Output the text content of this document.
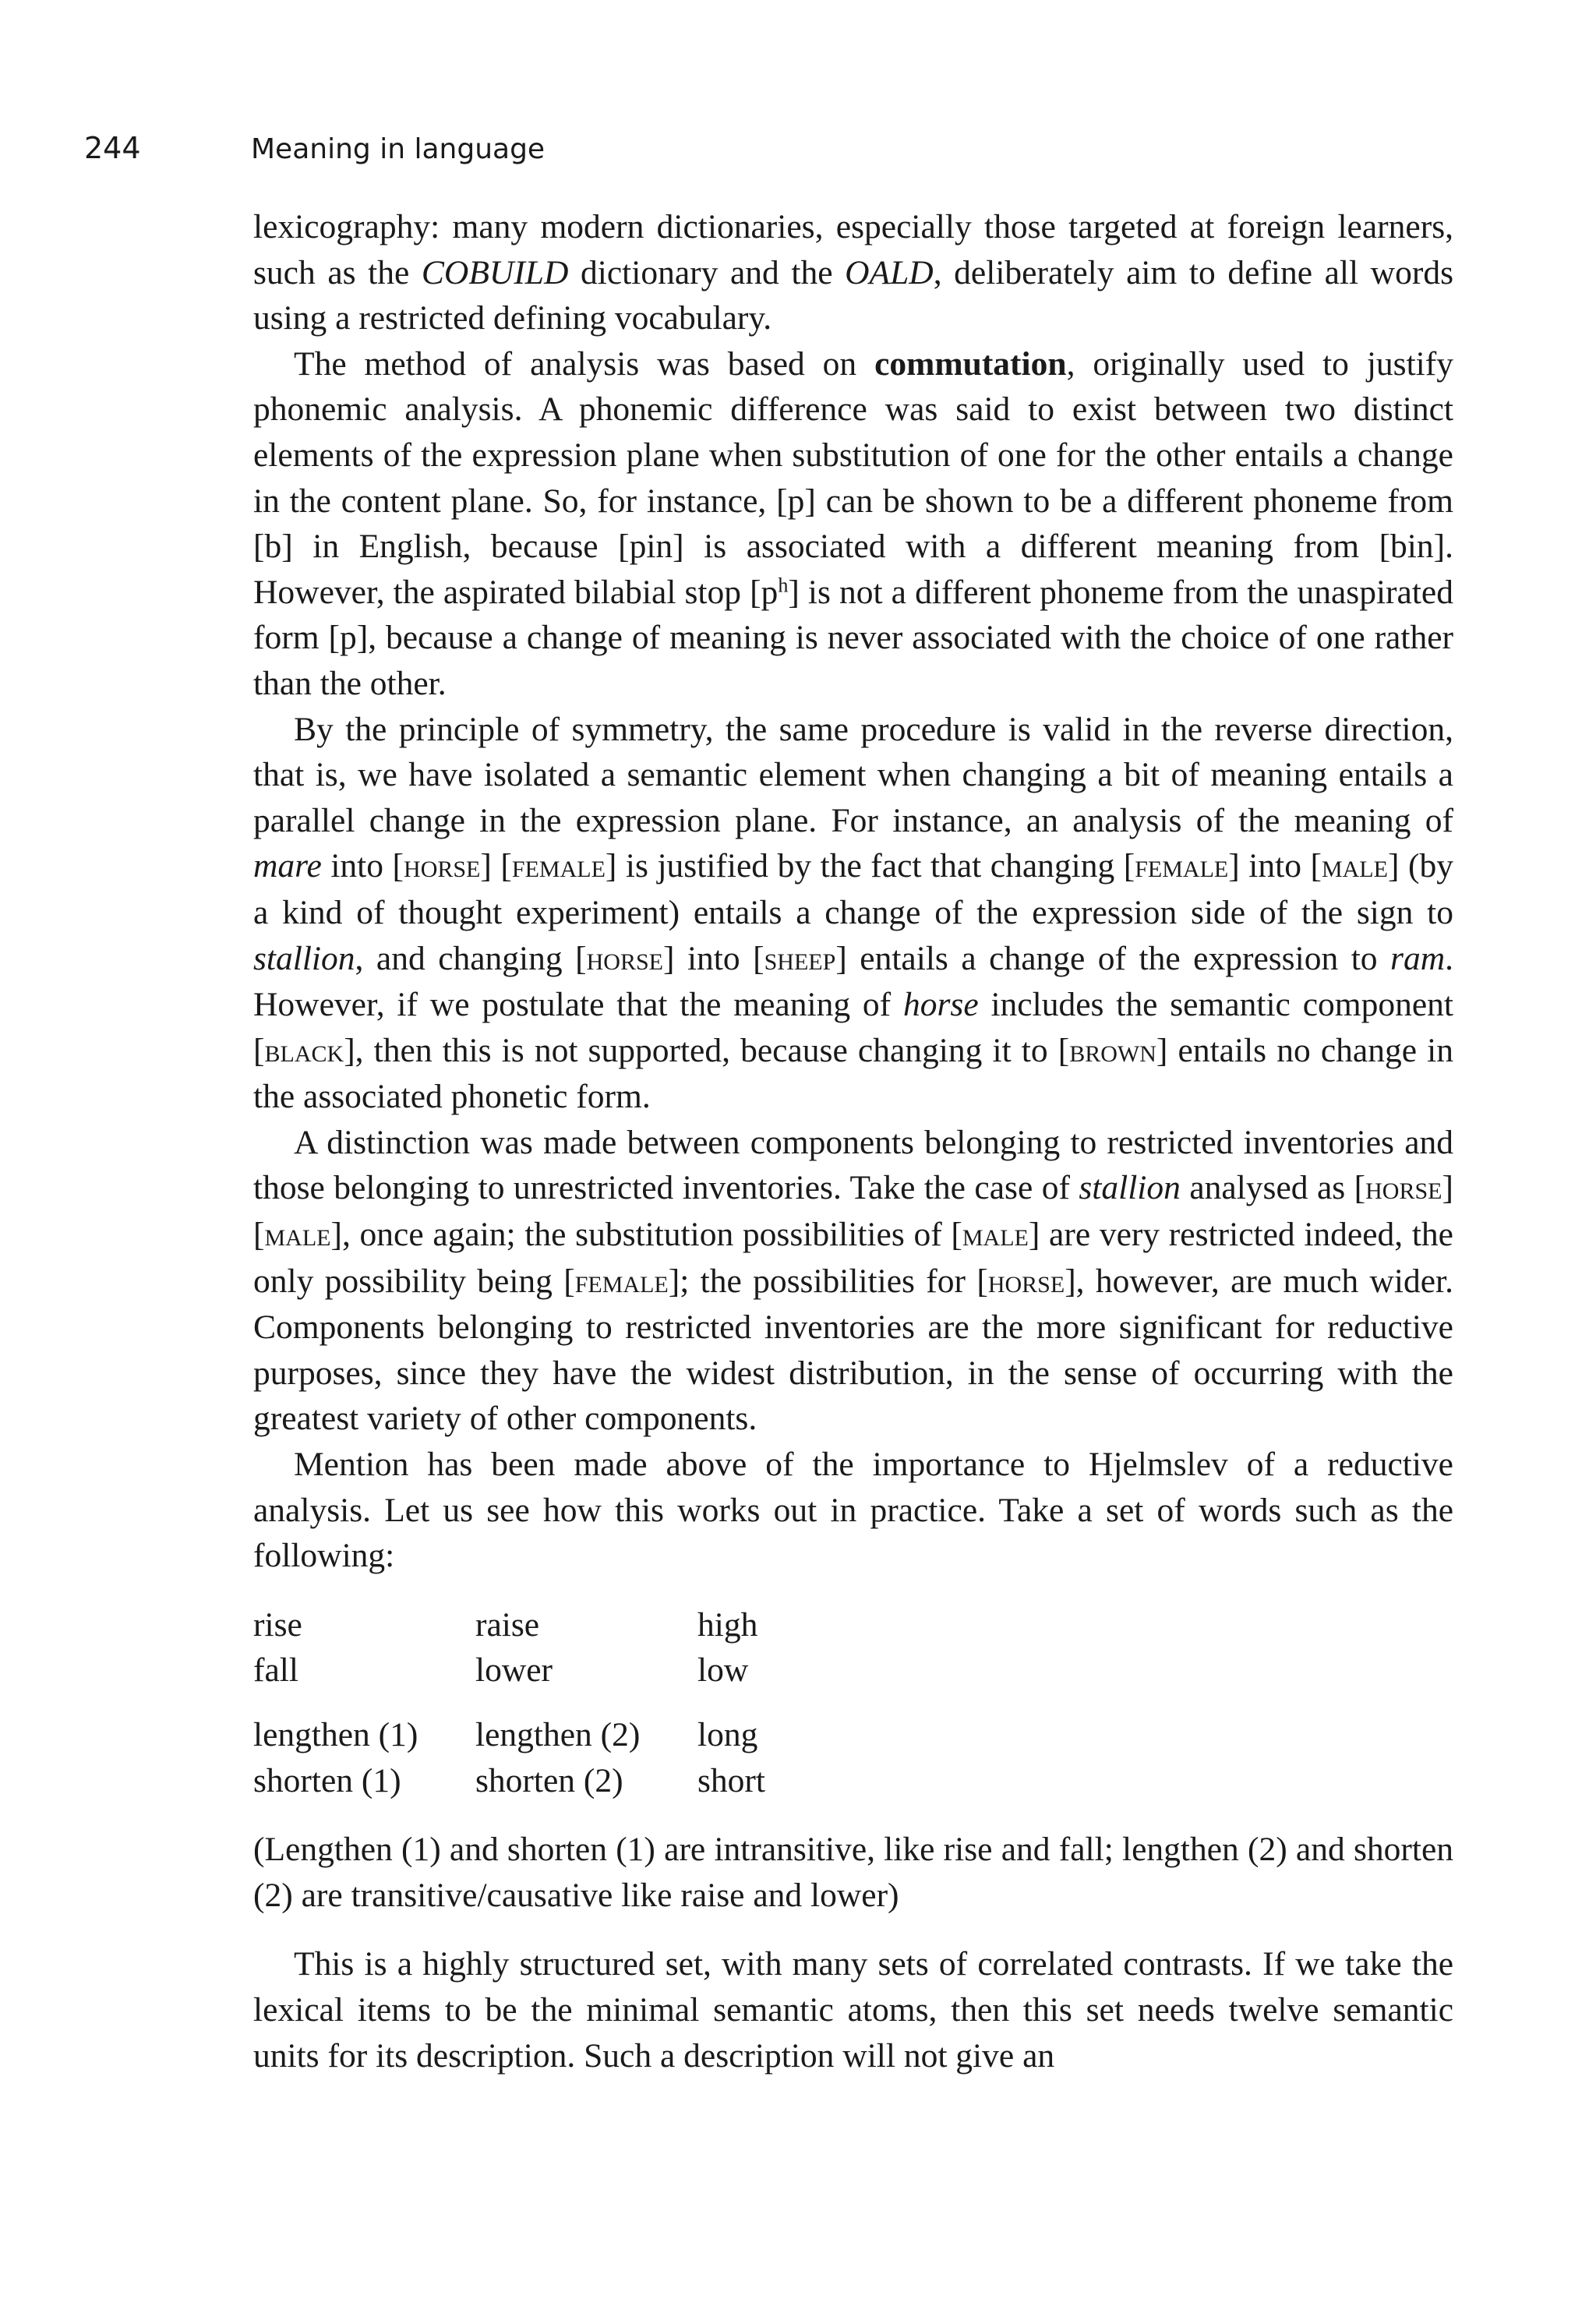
244	Meaning in language

lexicography: many modern dictionaries, especially those targeted at foreign learners, such as the COBUILD dictionary and the OALD, deliberately aim to define all words using a restricted defining vocabulary.

The method of analysis was based on commutation, originally used to justify phonemic analysis. A phonemic difference was said to exist between two distinct elements of the expression plane when substitution of one for the other entails a change in the content plane. So, for instance, [p] can be shown to be a different phoneme from [b] in English, because [pin] is associated with a different meaning from [bin]. However, the aspirated bilabial stop $[p^h]$ is not a different phoneme from the unaspirated form [p], because a change of meaning is never associated with the choice of one rather than the other.

By the principle of symmetry, the same procedure is valid in the reverse direction, that is, we have isolated a semantic element when changing a bit of meaning entails a parallel change in the expression plane. For instance, an analysis of the meaning of mare into [horse] [female] is justified by the fact that changing [female] into [male] (by a kind of thought experiment) entails a change of the expression side of the sign to stallion, and changing [horse] into [sheep] entails a change of the expression to ram. However, if we postulate that the meaning of horse includes the semantic component [black], then this is not supported, because changing it to [brown] entails no change in the associated phonetic form.

A distinction was made between components belonging to restricted inventories and those belonging to unrestricted inventories. Take the case of stallion analysed as [horse] [male], once again; the substitution possibilities of [male] are very restricted indeed, the only possibility being [female]; the possibilities for [horse], however, are much wider. Components belonging to restricted inventories are the more significant for reductive purposes, since they have the widest distribution, in the sense of occurring with the greatest variety of other components.

Mention has been made above of the importance to Hjelmslev of a reductive analysis. Let us see how this works out in practice. Take a set of words such as the following:

rise	raise	high
fall	lower	low

lengthen (1)	lengthen (2)	long
shorten (1)	shorten (2)	short

(Lengthen (1) and shorten (1) are intransitive, like rise and fall; lengthen (2) and shorten (2) are transitive/causative like raise and lower)

This is a highly structured set, with many sets of correlated contrasts. If we take the lexical items to be the minimal semantic atoms, then this set needs twelve semantic units for its description. Such a description will not give an
